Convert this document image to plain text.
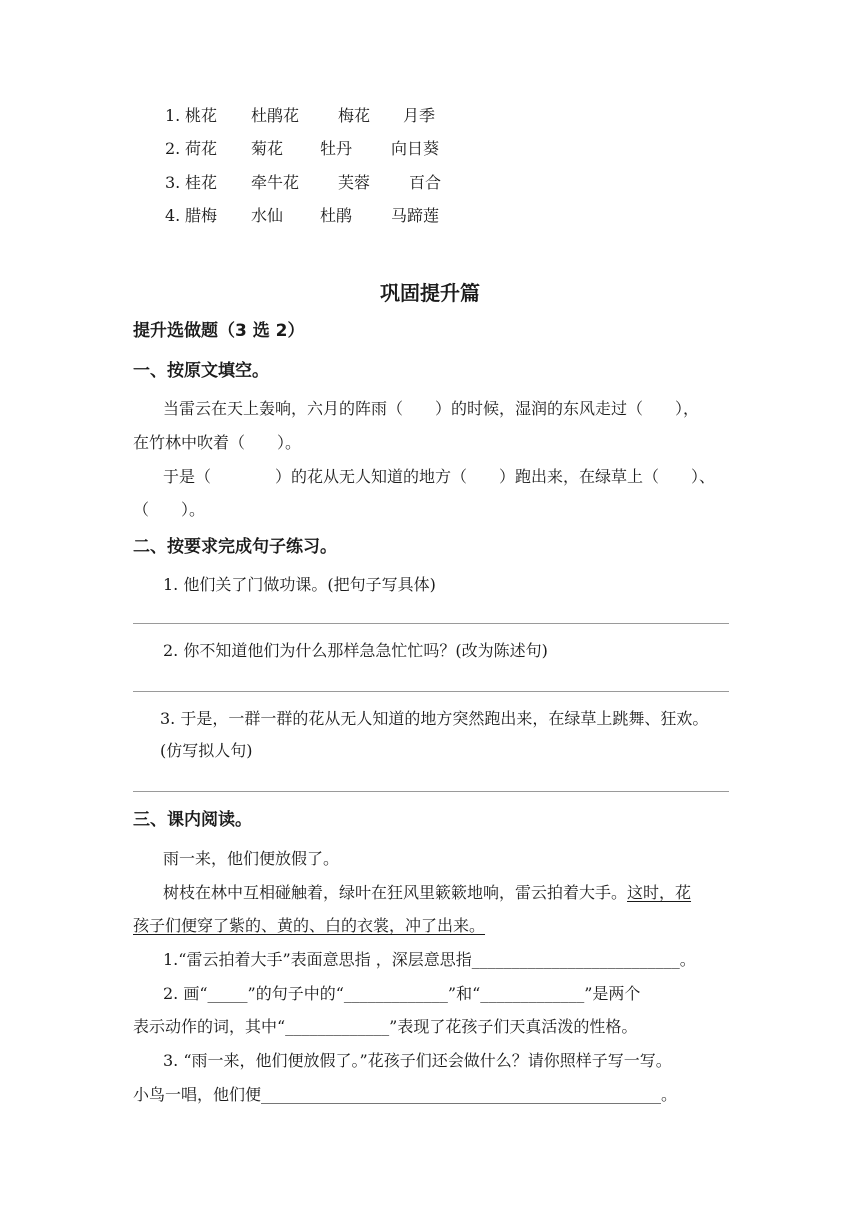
1. 桃花 杜鹃花 梅花 月季
2. 荷花 菊花 牡丹 向日葵
3. 桂花 牵牛花 芙蓉 百合
4. 腊梅 水仙 杜鹃 马蹄莲
巩固提升篇
提升选做题（3 选 2）
一、按原文填空。
当雷云在天上轰响，六月的阵雨（　　）的时候，湿润的东风走过（　　），
在竹林中吹着（　　）。
于是（　　　　）的花从无人知道的地方（　　）跑出来，在绿草上（　　）、
（　　）。
二、按要求完成句子练习。
1. 他们关了门做功课。(把句子写具体)
2. 你不知道他们为什么那样急急忙忙吗？(改为陈述句)
3. 于是，一群一群的花从无人知道的地方突然跑出来，在绿草上跳舞、狂欢。
(仿写拟人句)
三、课内阅读。
雨一来，他们便放假了。
树枝在林中互相碰触着，绿叶在狂风里簌簌地响，雷云拍着大手。这时，花
孩子们便穿了紫的、黄的、白的衣裳，冲了出来。
1.“雷云拍着大手”表面意思指 ，深层意思指__________________________。
2. 画“_____”的句子中的“_____________”和“_____________”是两个
表示动作的词，其中“_____________”表现了花孩子们天真活泼的性格。
3. “雨一来，他们便放假了。”花孩子们还会做什么？请你照样子写一写。
小鸟一唱，他们便__________________________________________________。
